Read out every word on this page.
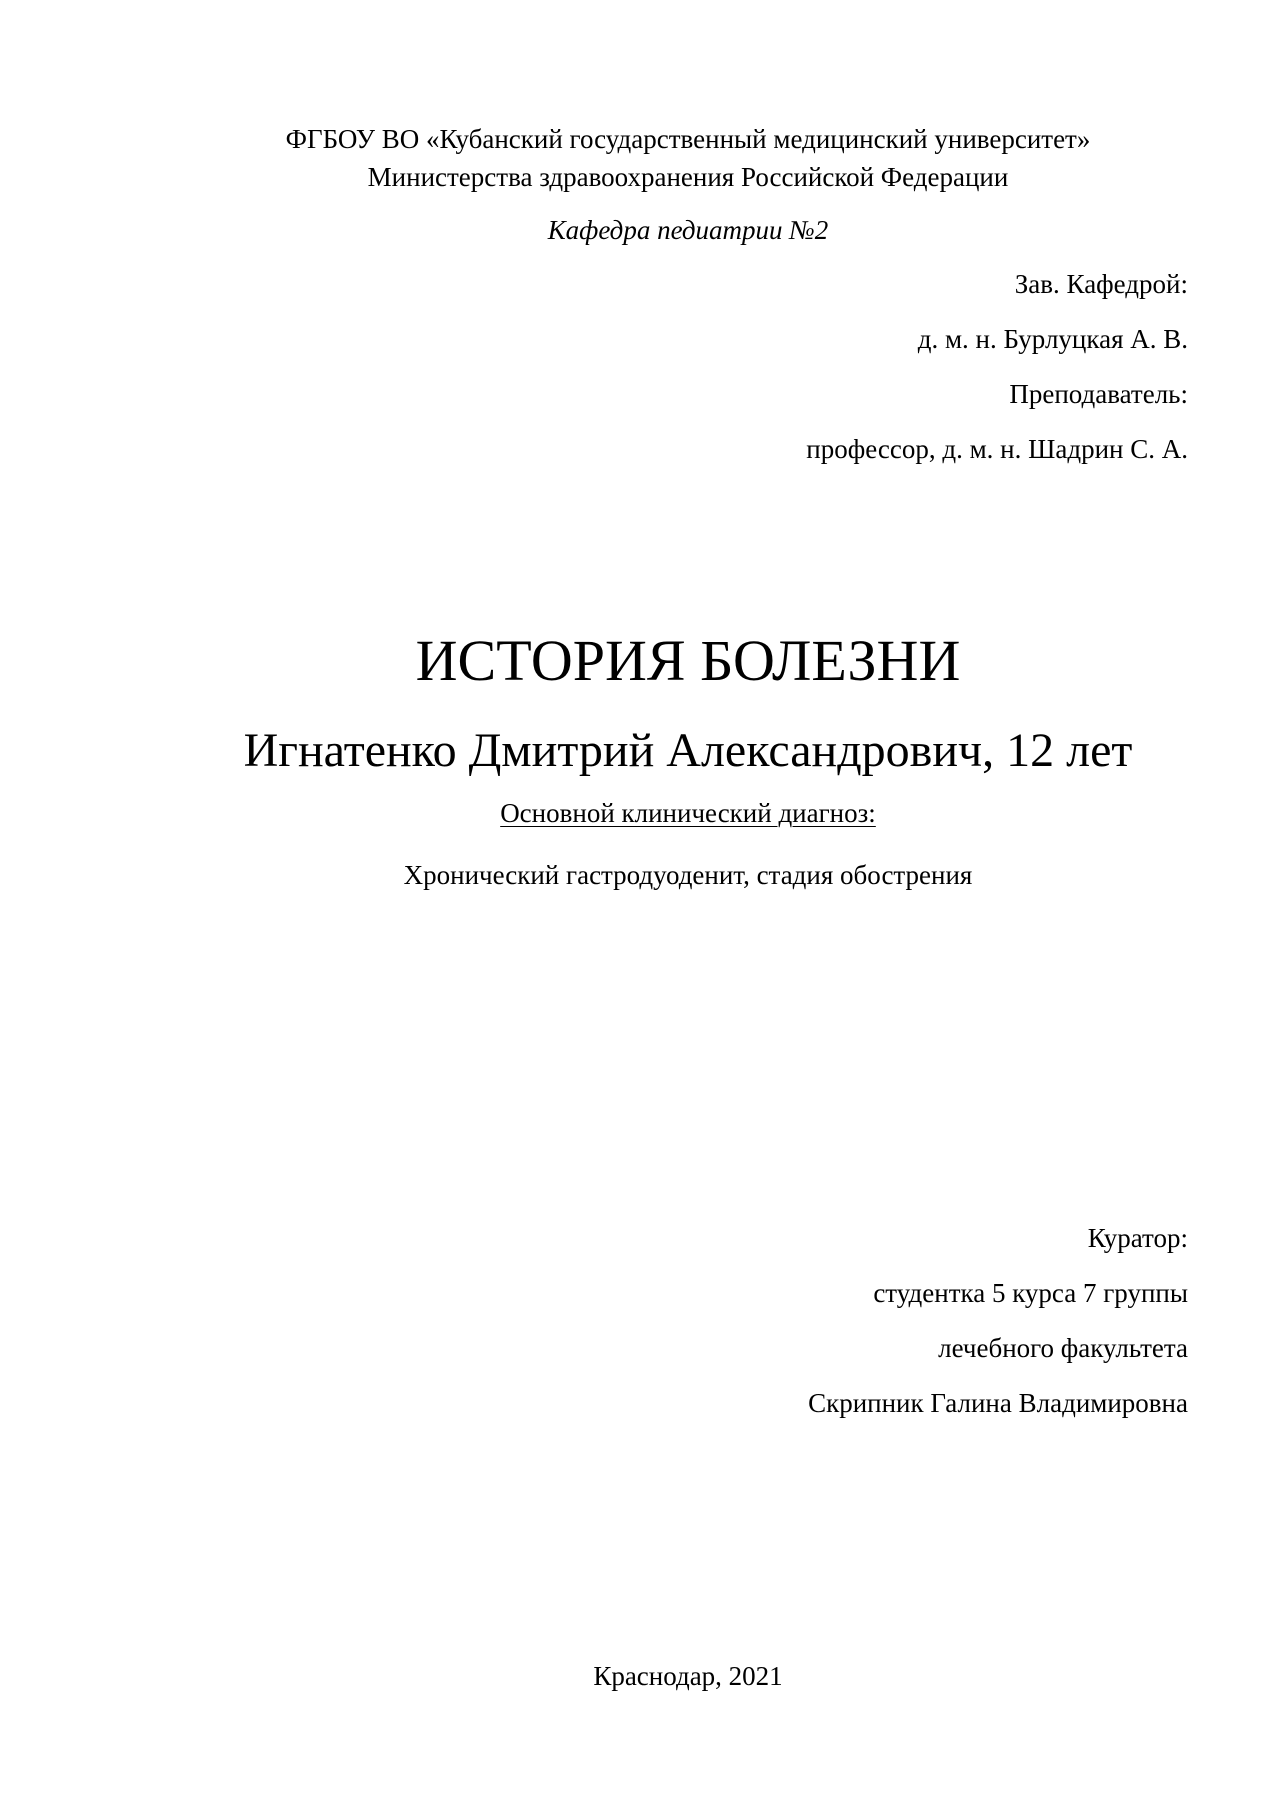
ФГБОУ ВО «Кубанский государственный медицинский университет»
Министерства здравоохранения Российской Федерации
Кафедра педиатрии №2
Зав. Кафедрой:
д. м. н. Бурлуцкая А. В.
Преподаватель:
профессор, д. м. н. Шадрин С. А.
ИСТОРИЯ БОЛЕЗНИ
Игнатенко Дмитрий Александрович, 12 лет
Основной клинический диагноз:
Хронический гастродуоденит, стадия обострения
Куратор:
студентка 5 курса 7 группы
лечебного факультета
Скрипник Галина Владимировна
Краснодар, 2021
